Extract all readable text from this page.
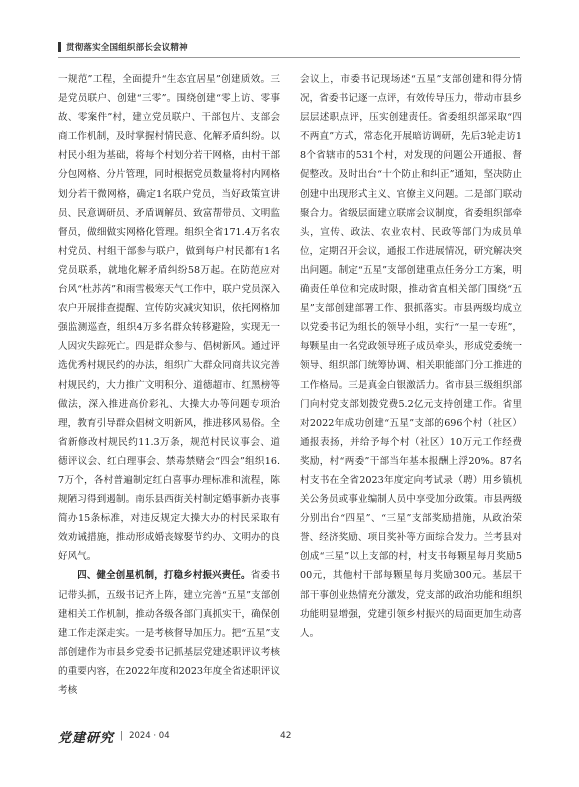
贯彻落实全国组织部长会议精神

一规范”工程，全面提升“生态宜居星”创建质效。三是党员联户、创建“三零”。围绕创建“零上访、零事故、零案件”村，建立党员联户、干部包片、支部会商工作机制，及时掌握村情民意、化解矛盾纠纷。以村民小组为基础，将每个村划分若干网格，由村干部分包网格、分片管理，同时根据党员数量将村内网格划分若干微网格，确定1名联户党员，当好政策宣讲员、民意调研员、矛盾调解员、致富帮带员、文明监督员，做细做实网格化管理。组织全省171.4万名农村党员、村组干部参与联户，做到每户村民都有1名党员联系，就地化解矛盾纠纷58万起。在防范应对台风“杜苏芮”和雨雪极寒天气工作中，联户党员深入农户开展排查提醒、宣传防灾减灾知识，依托网格加强监测巡查，组织4万多名群众转移避险，实现无一人因灾失踪死亡。四是群众参与、倡树新风。通过评选优秀村规民约的办法，组织广大群众同商共议完善村规民约，大力推广文明积分、道德超市、红黑榜等做法，深入推进高价彩礼、大操大办等问题专项治理，教育引导群众倡树文明新风，推进移风易俗。全省新修改村规民约11.3万条，规范村民议事会、道德评议会、红白理事会、禁毒禁赌会“四会”组织16.7万个，各村普遍制定红白喜事办理标准和流程，陈规陋习得到遏制。南乐县西街关村制定婚事新办丧事简办15条标准，对违反规定大操大办的村民采取有效劝诫措施，推动形成婚丧嫁娶节约办、文明办的良好风气。

四、健全创星机制，打稳乡村振兴责任。省委书记带头抓，五级书记齐上阵，建立完善“五星”支部创建相关工作机制，推动各级各部门真抓实干，确保创建工作走深走实。一是考核督导加压力。把“五星”支部创建作为市县乡党委书记抓基层党建述职评议考核的重要内容，在2022年度和2023年度全省述职评议考核

会议上，市委书记现场述“五星”支部创建和得分情况，省委书记逐一点评，有效传导压力，带动市县乡层层述职点评，压实创建责任。省委组织部采取“四不两直”方式，常态化开展暗访调研，先后3轮走访18个省辖市的531个村，对发现的问题公开通报、督促整改。及时出台“十个防止和纠正”通知，坚决防止创建中出现形式主义、官僚主义问题。二是部门联动聚合力。省级层面建立联席会议制度，省委组织部牵头，宣传、政法、农业农村、民政等部门为成员单位，定期召开会议，通报工作进展情况，研究解决突出问题。制定“五星”支部创建重点任务分工方案，明确责任单位和完成时限，推动省直相关部门围绕“五星”支部创建部署工作、狠抓落实。市县两级均成立以党委书记为组长的领导小组，实行“一星一专班”，每颗星由一名党政领导班子成员牵头，形成党委统一领导、组织部门统筹协调、相关职能部门分工推进的工作格局。三是真金白银激活力。省市县三级组织部门向村党支部划拨党费5.2亿元支持创建工作。省里对2022年成功创建“五星”支部的696个村（社区）通报表扬，并给予每个村（社区）10万元工作经费奖励，村“两委”干部当年基本报酬上浮20%。87名村支书在全省2023年度定向考试录（聘）用乡镇机关公务员或事业编制人员中享受加分政策。市县两级分别出台“四星”、“三星”支部奖励措施，从政治荣誉、经济奖励、项目奖补等方面综合发力。兰考县对创成“三星”以上支部的村，村支书每颗星每月奖励500元，其他村干部每颗星每月奖励300元。基层干部干事创业热情充分激发，党支部的政治功能和组织功能明显增强，党建引领乡村振兴的局面更加生动喜人。

党建研究 | 2024 · 04	42
